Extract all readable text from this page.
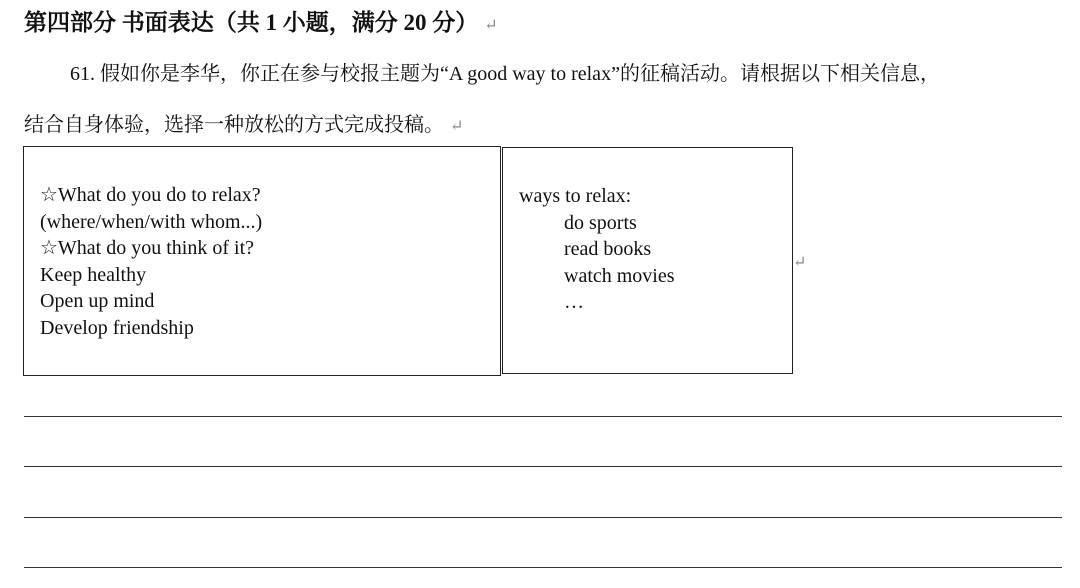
第四部分 书面表达（共 1 小题，满分 20 分） ↵
61. 假如你是李华，你正在参与校报主题为“A good way to relax”的征稿活动。请根据以下相关信息，
结合自身体验，选择一种放松的方式完成投稿。 ↵
☆What do you do to relax?
(where/when/with whom...)
☆What do you think of it?
Keep healthy
Open up mind
Develop friendship
ways to relax:
do sports
read books
watch movies
…
↵
